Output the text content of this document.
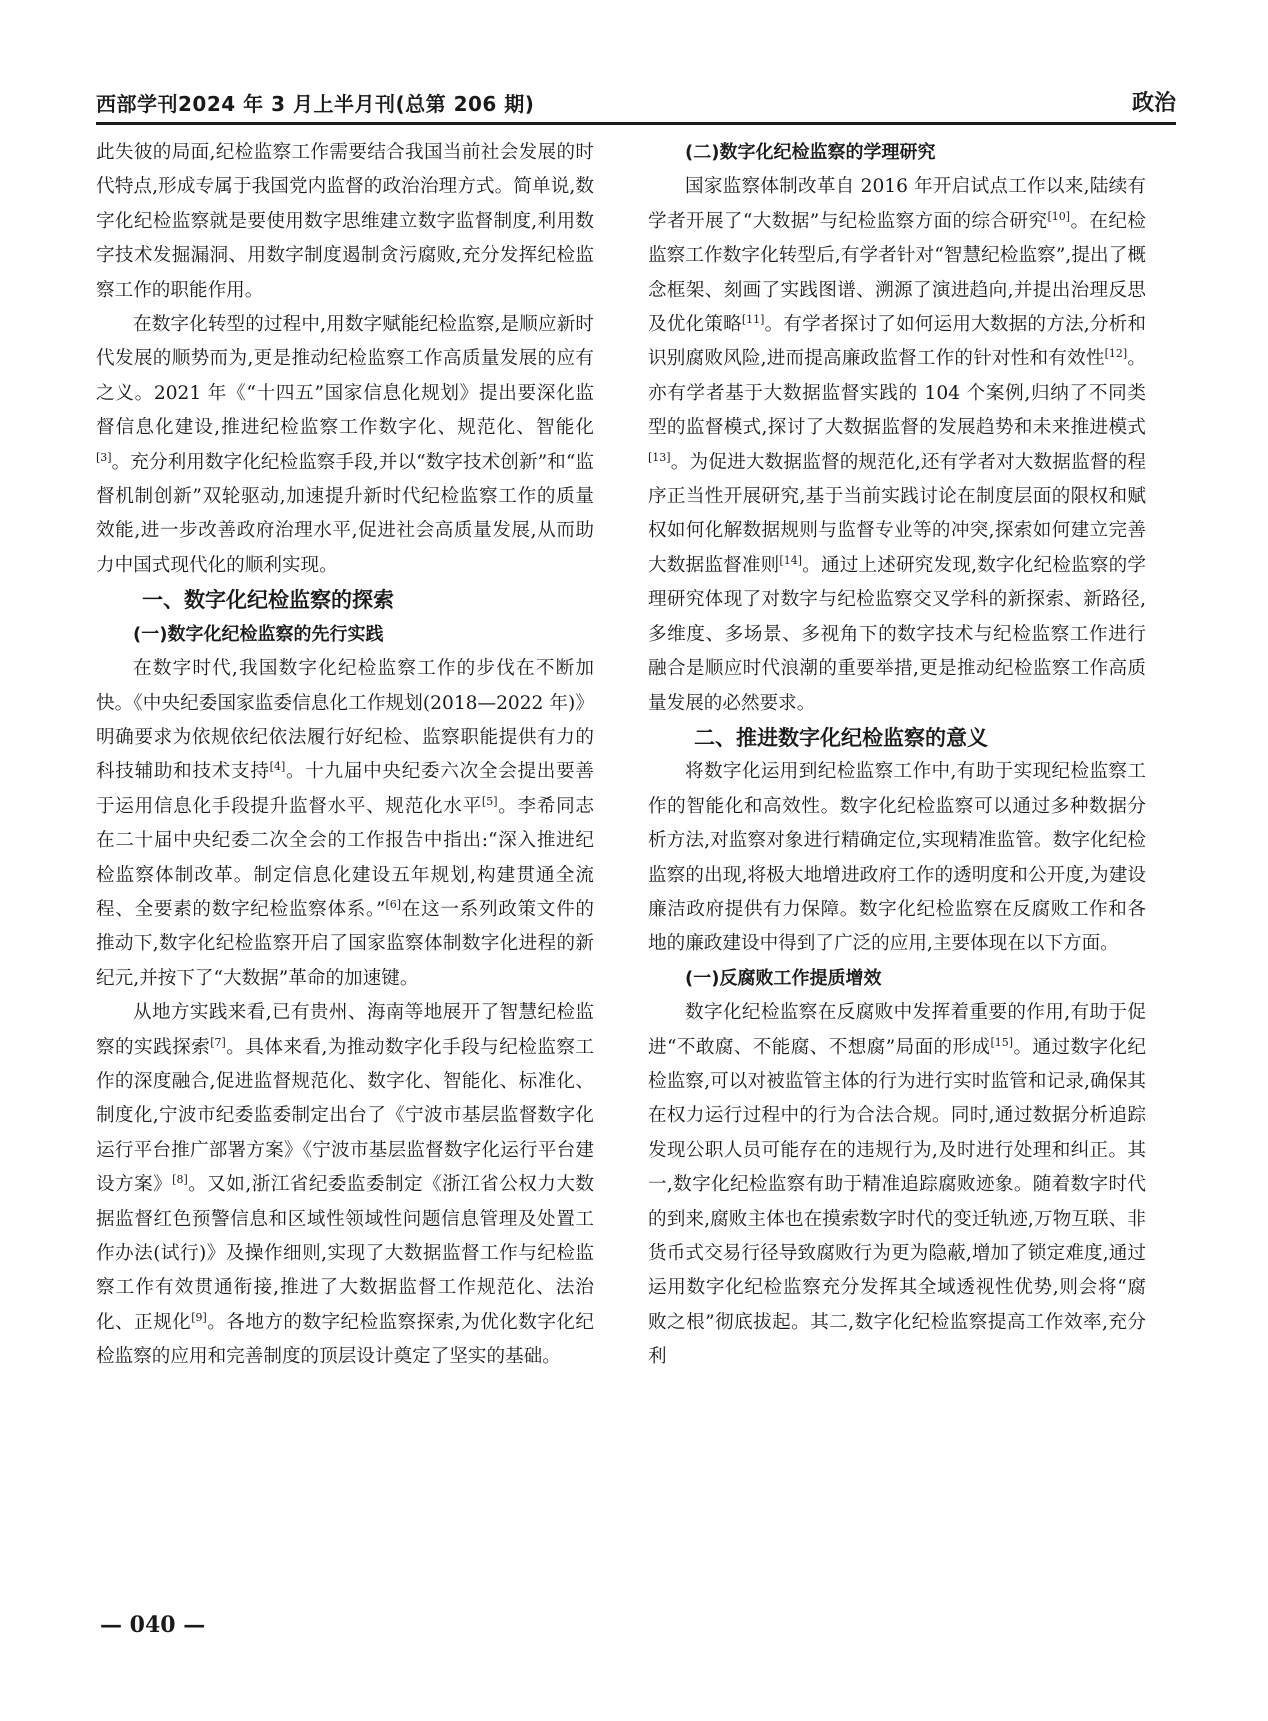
西部学刊2024 年 3 月上半月刊(总第 206 期)	政治

此失彼的局面,纪检监察工作需要结合我国当前社会发展的时代特点,形成专属于我国党内监督的政治治理方式。简单说,数字化纪检监察就是要使用数字思维建立数字监督制度,利用数字技术发掘漏洞、用数字制度遏制贪污腐败,充分发挥纪检监察工作的职能作用。

在数字化转型的过程中,用数字赋能纪检监察,是顺应新时代发展的顺势而为,更是推动纪检监察工作高质量发展的应有之义。2021 年《“十四五”国家信息化规划》提出要深化监督信息化建设,推进纪检监察工作数字化、规范化、智能化[3]。充分利用数字化纪检监察手段,并以“数字技术创新”和“监督机制创新”双轮驱动,加速提升新时代纪检监察工作的质量效能,进一步改善政府治理水平,促进社会高质量发展,从而助力中国式现代化的顺利实现。

一、数字化纪检监察的探索
(一)数字化纪检监察的先行实践

在数字时代,我国数字化纪检监察工作的步伐在不断加快。《中央纪委国家监委信息化工作规划(2018—2022 年)》明确要求为依规依纪依法履行好纪检、监察职能提供有力的科技辅助和技术支持[4]。十九届中央纪委六次全会提出要善于运用信息化手段提升监督水平、规范化水平[5]。李希同志在二十届中央纪委二次全会的工作报告中指出:“深入推进纪检监察体制改革。制定信息化建设五年规划,构建贯通全流程、全要素的数字纪检监察体系。”[6]在这一系列政策文件的推动下,数字化纪检监察开启了国家监察体制数字化进程的新纪元,并按下了“大数据”革命的加速键。

从地方实践来看,已有贵州、海南等地展开了智慧纪检监察的实践探索[7]。具体来看,为推动数字化手段与纪检监察工作的深度融合,促进监督规范化、数字化、智能化、标准化、制度化,宁波市纪委监委制定出台了《宁波市基层监督数字化运行平台推广部署方案》《宁波市基层监督数字化运行平台建设方案》[8]。又如,浙江省纪委监委制定《浙江省公权力大数据监督红色预警信息和区域性领域性问题信息管理及处置工作办法(试行)》及操作细则,实现了大数据监督工作与纪检监察工作有效贯通衔接,推进了大数据监督工作规范化、法治化、正规化[9]。各地方的数字纪检监察探索,为优化数字化纪检监察的应用和完善制度的顶层设计奠定了坚实的基础。

(二)数字化纪检监察的学理研究

国家监察体制改革自 2016 年开启试点工作以来,陆续有学者开展了“大数据”与纪检监察方面的综合研究[10]。在纪检监察工作数字化转型后,有学者针对“智慧纪检监察”,提出了概念框架、刻画了实践图谱、溯源了演进趋向,并提出治理反思及优化策略[11]。有学者探讨了如何运用大数据的方法,分析和识别腐败风险,进而提高廉政监督工作的针对性和有效性[12]。亦有学者基于大数据监督实践的 104 个案例,归纳了不同类型的监督模式,探讨了大数据监督的发展趋势和未来推进模式[13]。为促进大数据监督的规范化,还有学者对大数据监督的程序正当性开展研究,基于当前实践讨论在制度层面的限权和赋权如何化解数据规则与监督专业等的冲突,探索如何建立完善大数据监督准则[14]。通过上述研究发现,数字化纪检监察的学理研究体现了对数字与纪检监察交叉学科的新探索、新路径,多维度、多场景、多视角下的数字技术与纪检监察工作进行融合是顺应时代浪潮的重要举措,更是推动纪检监察工作高质量发展的必然要求。

二、推进数字化纪检监察的意义

将数字化运用到纪检监察工作中,有助于实现纪检监察工作的智能化和高效性。数字化纪检监察可以通过多种数据分析方法,对监察对象进行精确定位,实现精准监管。数字化纪检监察的出现,将极大地增进政府工作的透明度和公开度,为建设廉洁政府提供有力保障。数字化纪检监察在反腐败工作和各地的廉政建设中得到了广泛的应用,主要体现在以下方面。

(一)反腐败工作提质增效

数字化纪检监察在反腐败中发挥着重要的作用,有助于促进“不敢腐、不能腐、不想腐”局面的形成[15]。通过数字化纪检监察,可以对被监管主体的行为进行实时监管和记录,确保其在权力运行过程中的行为合法合规。同时,通过数据分析追踪发现公职人员可能存在的违规行为,及时进行处理和纠正。其一,数字化纪检监察有助于精准追踪腐败迹象。随着数字时代的到来,腐败主体也在摸索数字时代的变迁轨迹,万物互联、非货币式交易行径导致腐败行为更为隐蔽,增加了锁定难度,通过运用数字化纪检监察充分发挥其全域透视性优势,则会将“腐败之根”彻底拔起。其二,数字化纪检监察提高工作效率,充分利

— 040 —
